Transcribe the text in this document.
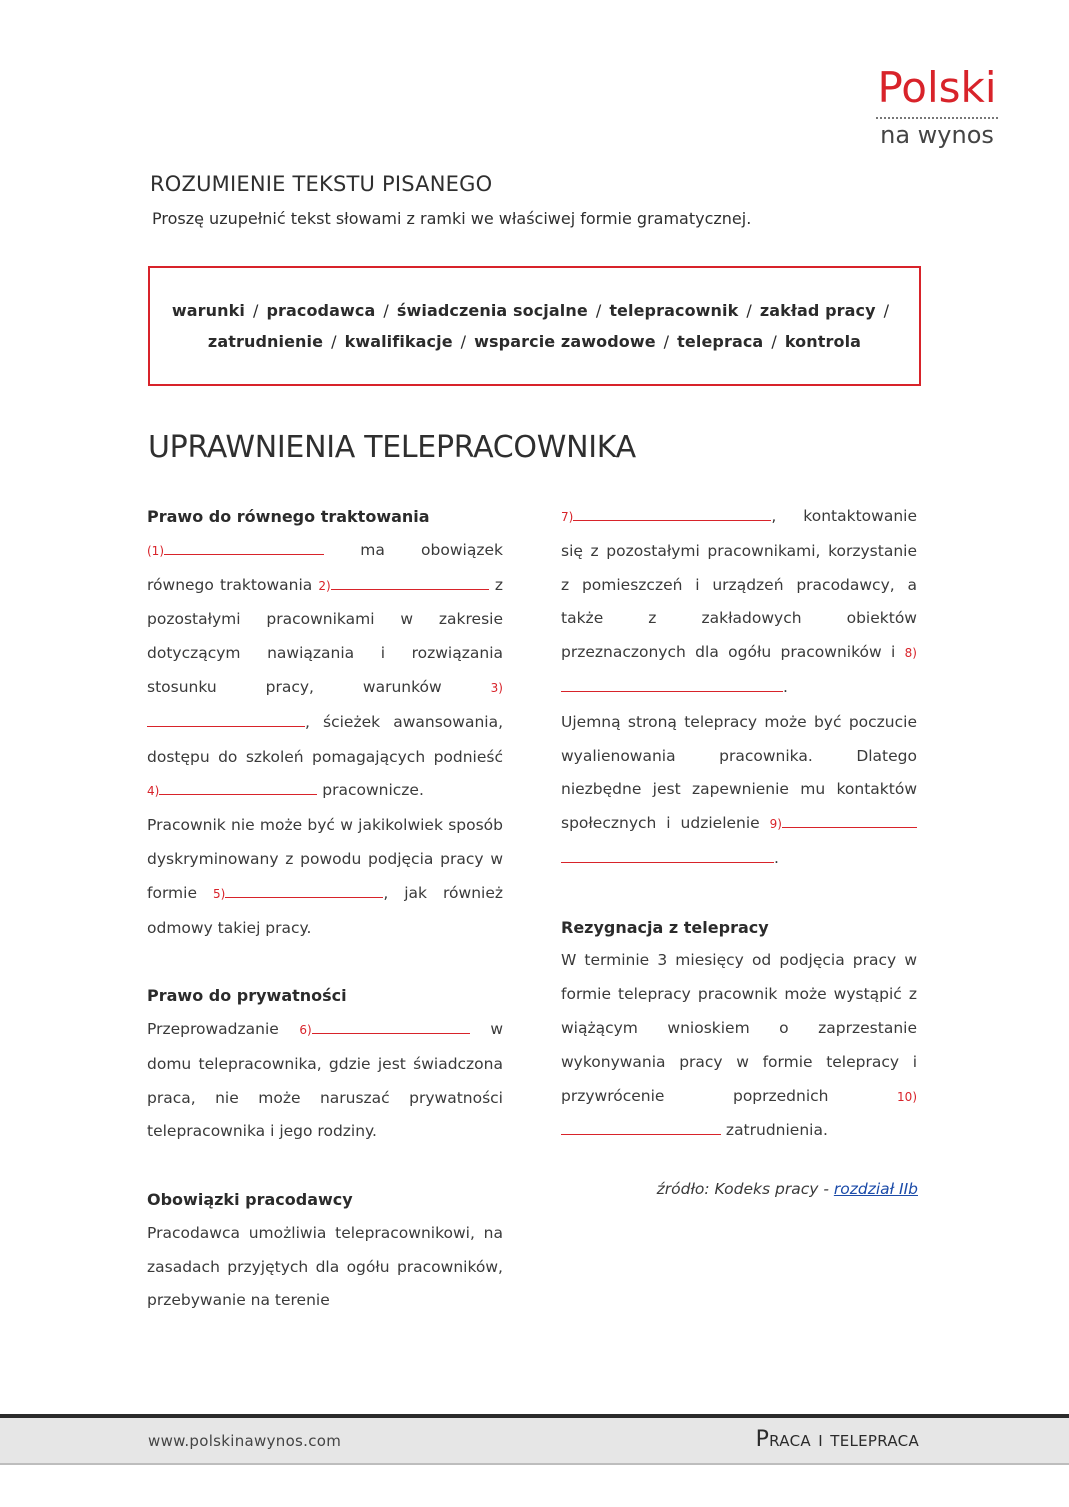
Polski
na wynos
ROZUMIENIE TEKSTU PISANEGO
Proszę uzupełnić tekst słowami z ramki we właściwej formie gramatycznej.
warunki / pracodawca / świadczenia socjalne / telepracownik / zakład pracy /
zatrudnienie / kwalifikacje / wsparcie zawodowe / telepraca / kontrola
UPRAWNIENIA TELEPRACOWNIKA
Prawo do równego traktowania

(1)	ma obowiązek równego traktowania 2)	z pozostałymi pracownikami w zakresie dotyczącym nawiązania i rozwiązania stosunku pracy, warunków 3), ścieżek awansowania, dostępu do szkoleń pomagających podnieść 4)	pracownicze.

Pracownik nie może być w jakikolwiek sposób dyskryminowany z powodu podjęcia pracy w formie 5)	, jak również odmowy takiej pracy.

Prawo do prywatności

Przeprowadzanie 6)	w domu telepracownika, gdzie jest świadczona praca, nie może naruszać prywatności telepracownika i jego rodziny.

Obowiązki pracodawcy

Pracodawca umożliwia telepracownikowi, na zasadach przyjętych dla ogółu pracowników, przebywanie na terenie

7)	, kontaktowanie się z pozostałymi pracownikami, korzystanie z pomieszczeń i urządzeń pracodawcy, a także z zakładowych obiektów przeznaczonych dla ogółu pracowników i 8).

Ujemną stroną telepracy może być poczucie wyalienowania pracownika. Dlatego niezbędne jest zapewnienie mu kontaktów społecznych i udzielenie 9).

Rezygnacja z telepracy

W terminie 3 miesięcy od podjęcia pracy w formie telepracy pracownik może wystąpić z wiążącym wnioskiem o zaprzestanie wykonywania pracy w formie telepracy i przywrócenie poprzednich 10) zatrudnienia.

źródło: Kodeks pracy - rozdział IIb
www.polskinawynos.com	Praca i telepraca
